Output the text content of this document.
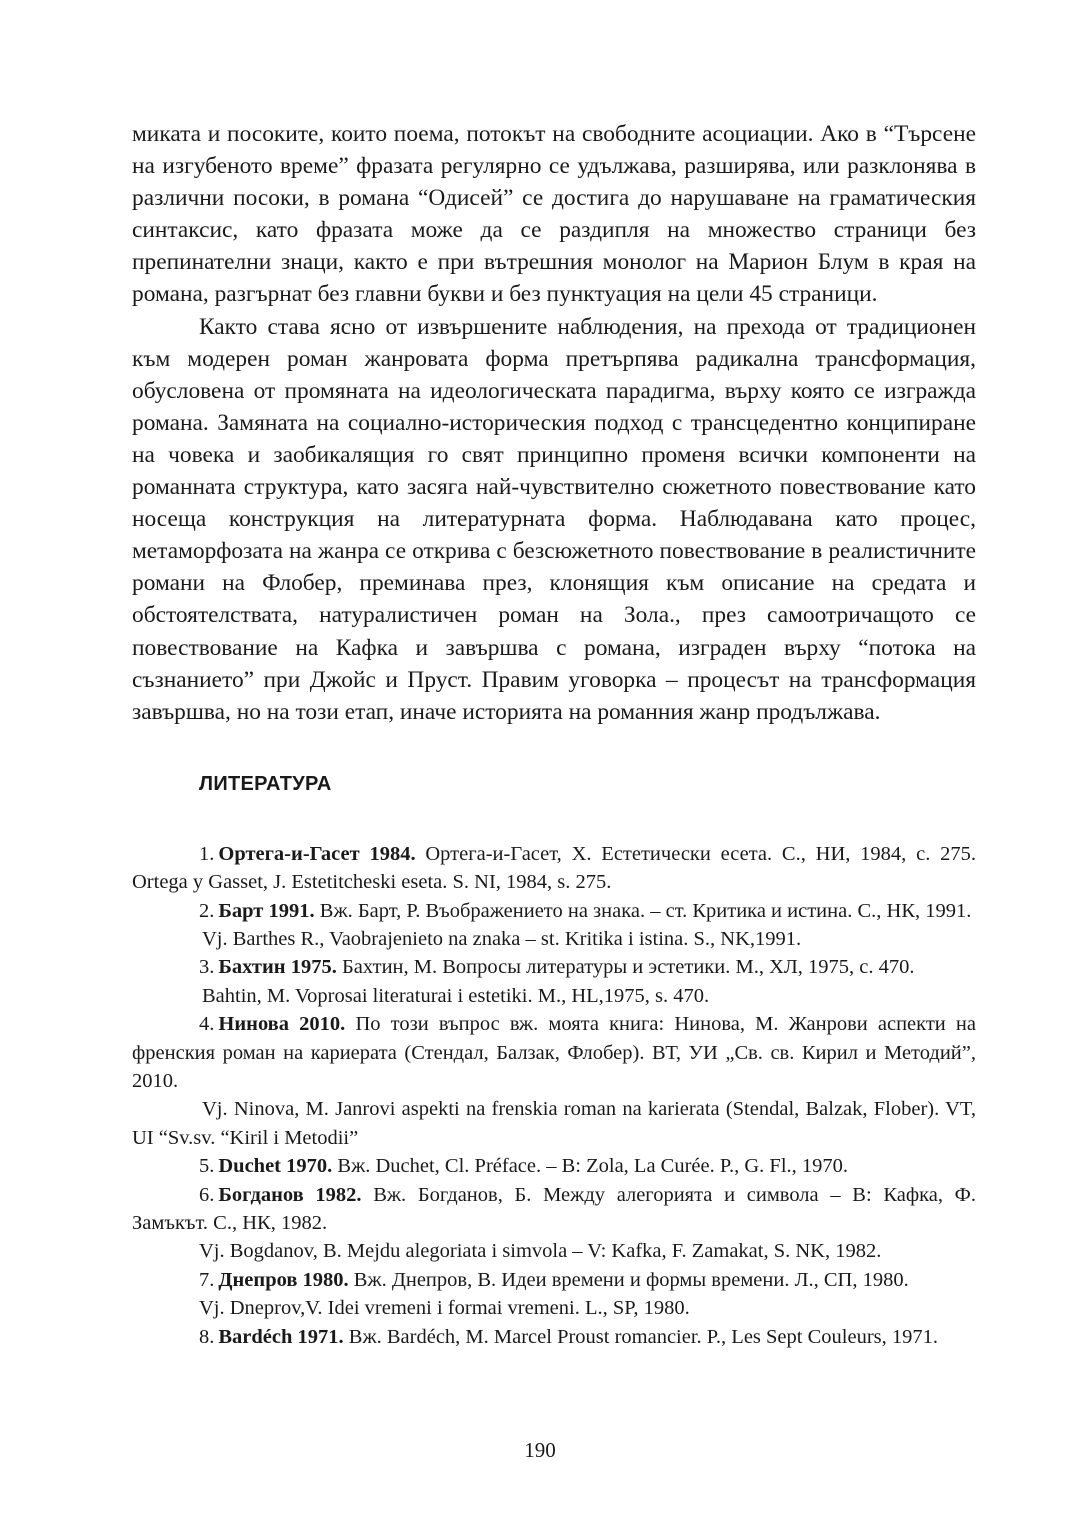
миката и посоките, които поема, потокът на свободните асоциации. Ако в “Търсене на изгубеното време” фразата регулярно се удължава, разширява, или разклонява в различни посоки, в романа “Одисей” се достига до нарушаване на граматическия синтаксис, като фразата може да се раздипля на множество страници без препинателни знаци, както е при вътрешния монолог на Марион Блум в края на романа, разгърнат без главни букви и без пунктуация на цели 45 страници.

Както става ясно от извършените наблюдения, на прехода от традиционен към модерен роман жанровата форма претърпява радикална трансформация, обусловена от промяната на идеологическата парадигма, върху която се изгражда романа. Замяната на социално-историческия подход с трансцедентно конципиране на човека и заобикалящия го свят принципно променя всички компоненти на романната структура, като засяга най-чувствително сюжетното повествование като носеща конструкция на литературната форма. Наблюдавана като процес, метаморфозата на жанра се открива с безсюжетното повествование в реалистичните романи на Флобер, преминава през, клонящия към описание на средата и обстоятелствата, натуралистичен роман на Зола., през самоотричащото се повествование на Кафка и завършва с романа, изграден върху “потока на съзнанието” при Джойс и Пруст. Правим уговорка – процесът на трансформация завършва, но на този етап, иначе историята на романния жанр продължава.

ЛИТЕРАТУРА

1. Ортега-и-Гасет 1984. Ортега-и-Гасет, Х. Естетически есета. С., НИ, 1984, с. 275. Ortega y Gasset, J. Estetitcheski eseta. S. NI, 1984, s. 275.

2. Барт 1991. Вж. Барт, Р. Въображението на знака. – ст. Критика и истина. С., НК, 1991.

Vj. Barthes R., Vaobrajenieto na znaka – st. Kritika i istina. S., NK,1991.

3. Бахтин 1975. Бахтин, М. Вопросы литературы и эстетики. М., ХЛ, 1975, с. 470.

Bahtin, M. Voprosai literaturai i estetiki. M., HL,1975, s. 470.

4. Нинова 2010. По този въпрос вж. моята книга: Нинова, М. Жанрови аспекти на френския роман на кариерата (Стендал, Балзак, Флобер). ВТ, УИ „Св. св. Кирил и Методий”, 2010.

Vj. Ninova, M. Janrovi aspekti na frenskia roman na karierata (Stendal, Balzak, Flober). VT, UI “Sv.sv. “Kiril i Metodii”

5. Duchet 1970. Вж. Duchet, Cl. Préface. – В: Zola, La Curée. P., G. Fl., 1970.

6. Богданов 1982. Вж. Богданов, Б. Между алегорията и символа – В: Кафка, Ф. Замъкът. С., НК, 1982.

Vj. Bogdanov, B. Mejdu alegoriata i simvola – V: Kafka, F. Zamakat, S. NK, 1982.

7. Днепров 1980. Вж. Днепров, В. Идеи времени и формы времени. Л., СП, 1980.

Vj. Dneprov,V. Idei vremeni i formai vremeni. L., SP, 1980.

8. Bardéch 1971. Вж. Bardéch, M. Marcel Proust romancier. P., Les Sept Couleurs, 1971.

190
